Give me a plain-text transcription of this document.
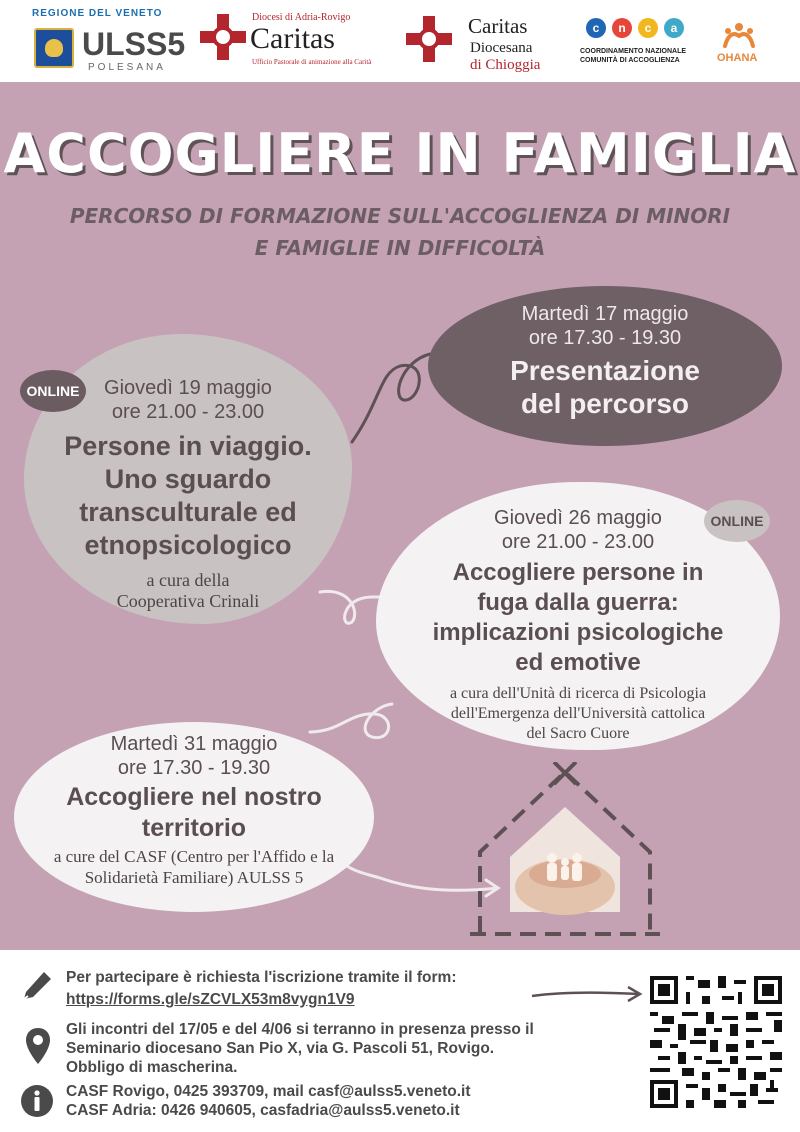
REGIONE DEL VENETO
ULSS5
POLESANA
Diocesi di Adria-Rovigo
Caritas
Ufficio Pastorale di animazione alla Carità
Caritas
Diocesana
di Chioggia
c	n	c	a
COORDINAMENTO NAZIONALE
COMUNITÀ DI ACCOGLIENZA	OHANA
ACCOGLIERE IN FAMIGLIA
PERCORSO DI FORMAZIONE SULL'ACCOGLIENZA DI MINORI
E FAMIGLIE IN DIFFICOLTÀ
Giovedì 19 maggio
ore 21.00 - 23.00
Persone in viaggio.
Uno sguardo
transculturale ed
etnopsicologico
a cura della
Cooperativa Crinali
ONLINE
Martedì 17 maggio
ore 17.30 - 19.30
Presentazione
del percorso
Giovedì 26 maggio
ore 21.00 - 23.00
Accogliere persone in
fuga dalla guerra:
implicazioni psicologiche
ed emotive
a cura dell'Unità di ricerca di Psicologia
dell'Emergenza dell'Università cattolica
del Sacro Cuore
ONLINE
Martedì 31 maggio
ore 17.30 - 19.30
Accogliere nel nostro
territorio
a cure del CASF (Centro per l'Affido e la
Solidarietà Familiare) AULSS 5
Per partecipare è richiesta l'iscrizione tramite il form:
https://forms.gle/sZCVLX53m8vygn1V9
Gli incontri del 17/05 e del 4/06 si terranno in presenza presso il
Seminario diocesano San Pio X, via G. Pascoli 51, Rovigo.
Obbligo di mascherina.
CASF Rovigo, 0425 393709, mail casf@aulss5.veneto.it
CASF Adria: 0426 940605, casfadria@aulss5.veneto.it
